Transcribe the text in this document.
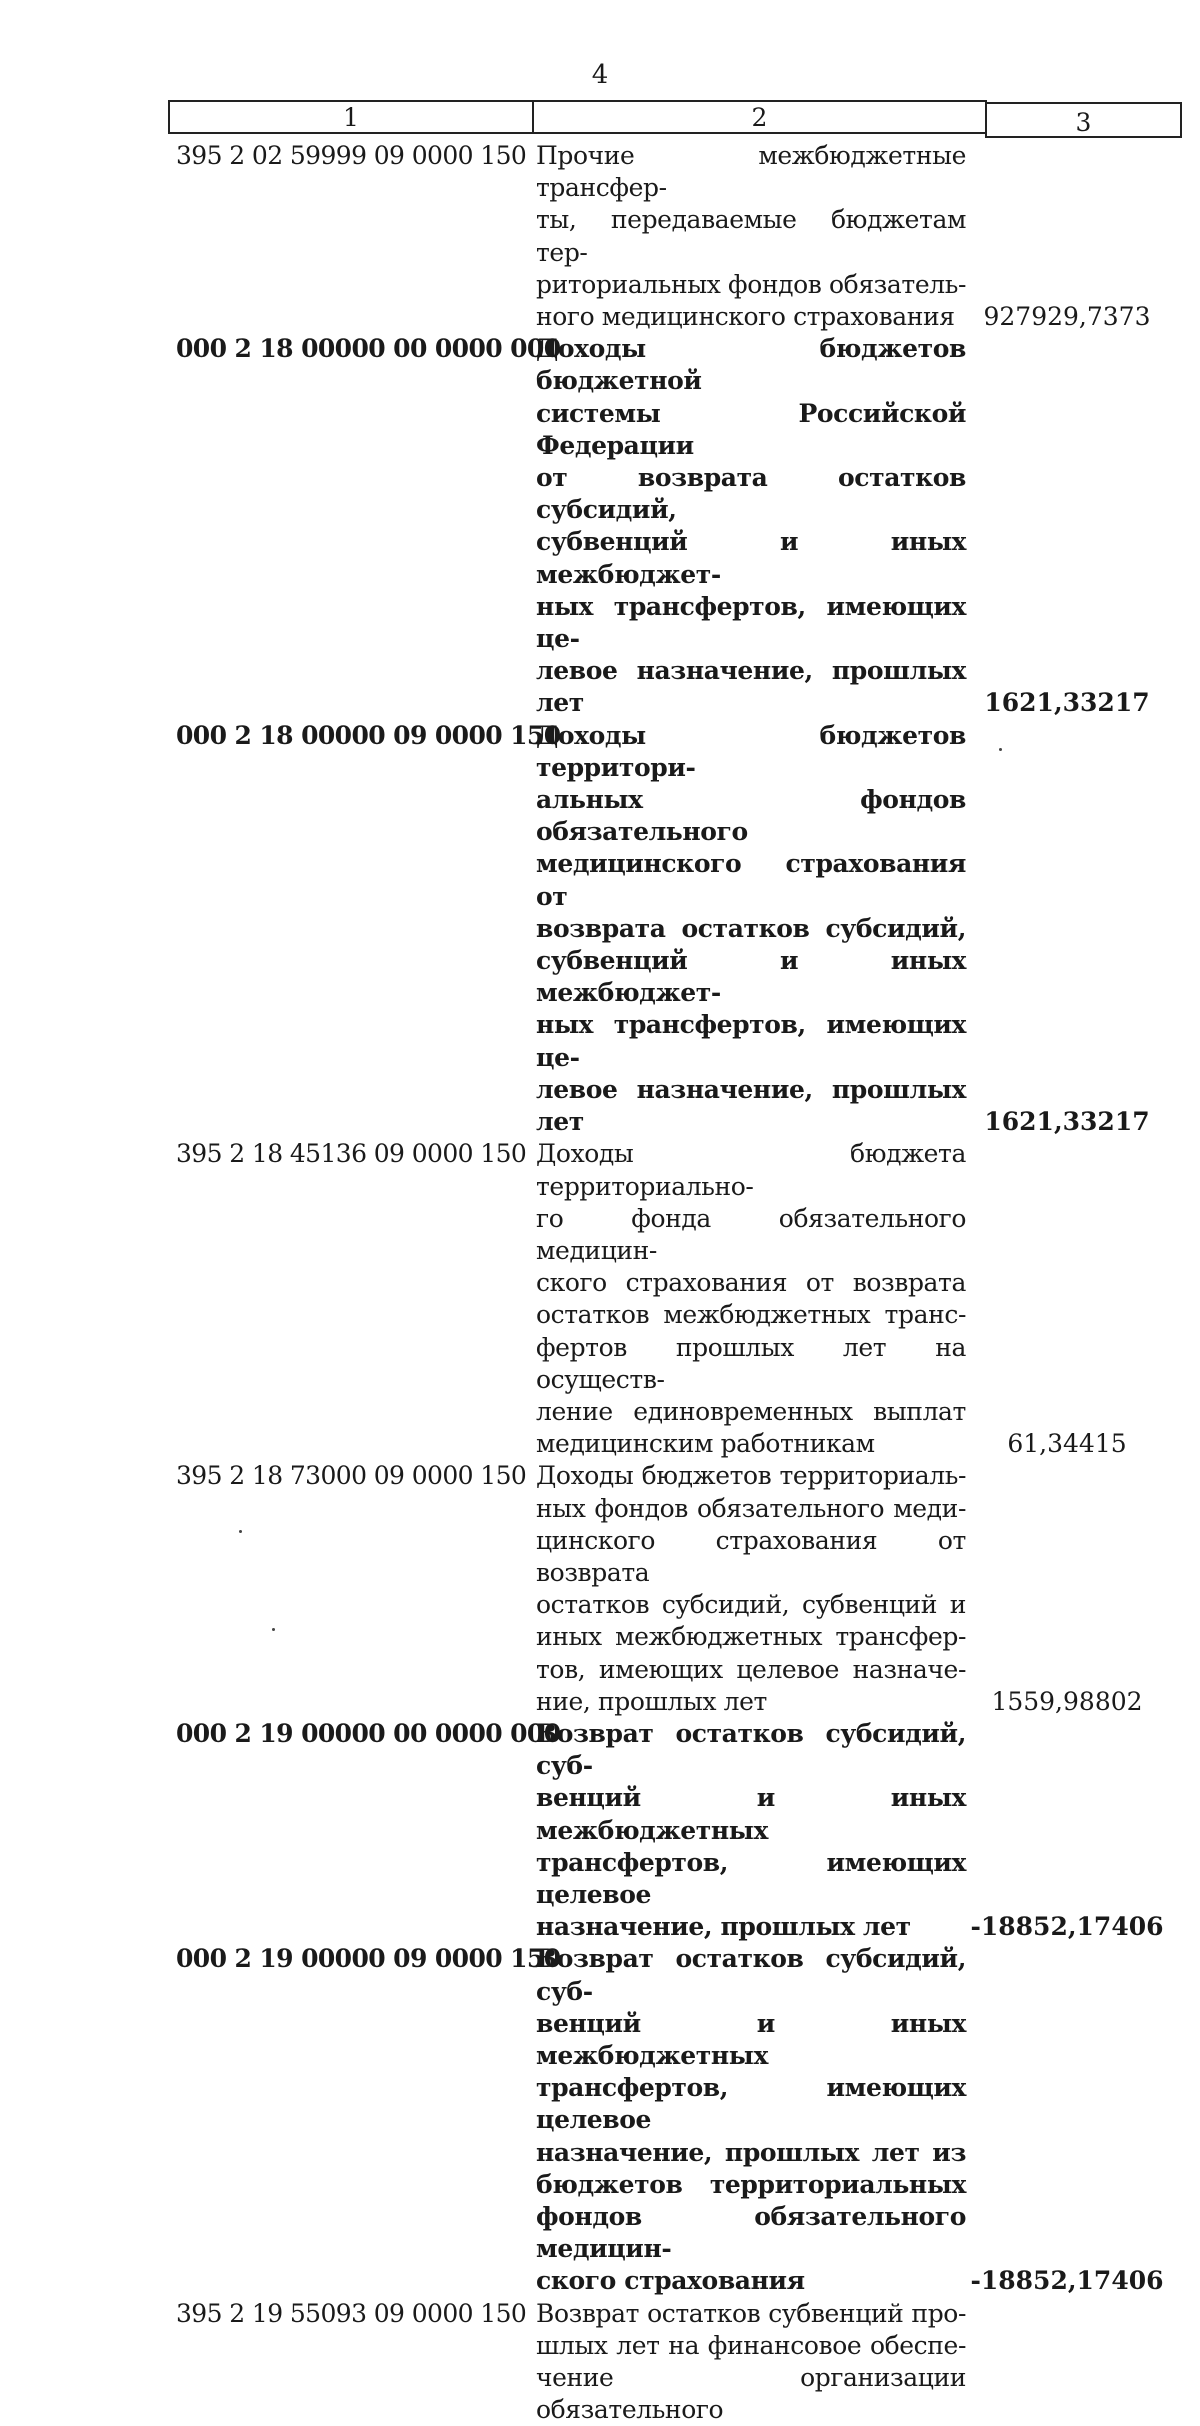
4
1	2	3
395 2 02 59999 09 0000 150 Прочие межбюджетные трансфер-
ты, передаваемые бюджетам тер-
риториальных фондов обязатель-
ного медицинского страхования	927929,7373
000 2 18 00000 00 0000 000
Доходы бюджетов бюджетной
системы Российской Федерации
от возврата остатков субсидий,
субвенций и иных межбюджет-
ных трансфертов, имеющих це-
левое назначение, прошлых лет	1621,33217
000 2 18 00000 09 0000 150
Доходы бюджетов территори-
альных фондов обязательного
медицинского страхования от
возврата остатков субсидий,
субвенций и иных межбюджет-
ных трансфертов, имеющих це-
левое назначение, прошлых лет	1621,33217
395 2 18 45136 09 0000 150 Доходы бюджета территориально-
го фонда обязательного медицин-
ского страхования от возврата
остатков межбюджетных транс-
фертов прошлых лет на осуществ-
ление единовременных выплат
медицинским работникам	61,34415
395 2 18 73000 09 0000 150 Доходы бюджетов территориаль-
ных фондов обязательного меди-
цинского страхования от возврата
остатков субсидий, субвенций и
иных межбюджетных трансфер-
тов, имеющих целевое назначе-
ние, прошлых лет	1559,98802
000 2 19 00000 00 0000 000
Возврат остатков субсидий, суб-
венций и иных межбюджетных
трансфертов, имеющих целевое
назначение, прошлых лет	-18852,17406
000 2 19 00000 09 0000 150
Возврат остатков субсидий, суб-
венций и иных межбюджетных
трансфертов, имеющих целевое
назначение, прошлых лет из
бюджетов территориальных
фондов обязательного медицин-
ского страхования	-18852,17406
395 2 19 55093 09 0000 150 Возврат остатков субвенций про-
шлых лет на финансовое обеспе-
чение организации обязательного
